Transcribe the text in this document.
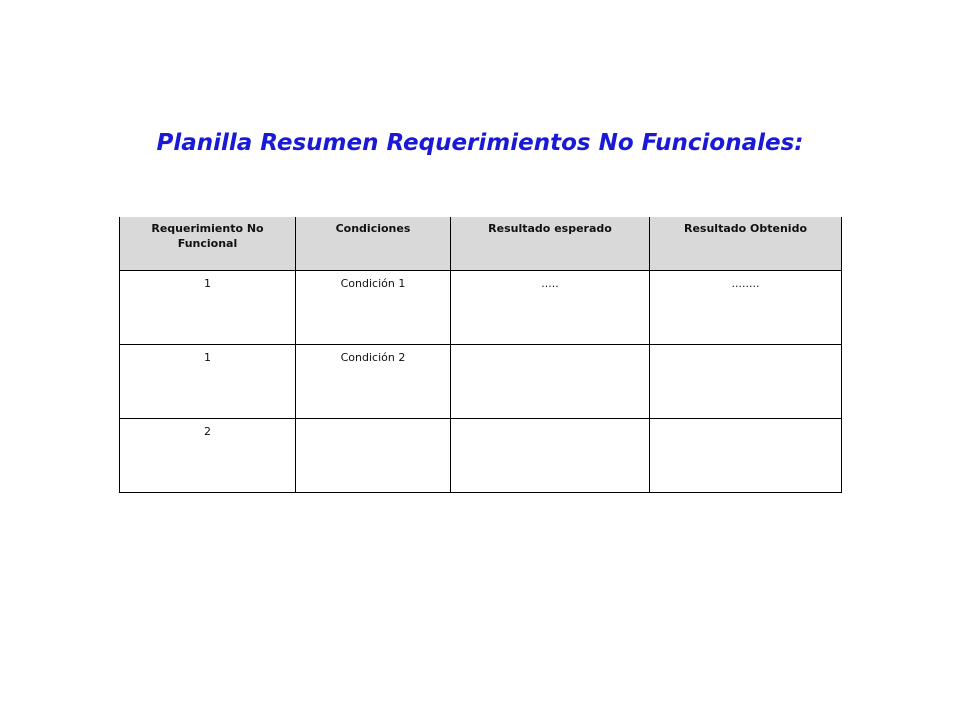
Planilla Resumen Requerimientos No Funcionales:
Requerimiento No Funcional	Condiciones	Resultado esperado	Resultado Obtenido
1	Condición 1	.....	........
1	Condición 2		
2			
